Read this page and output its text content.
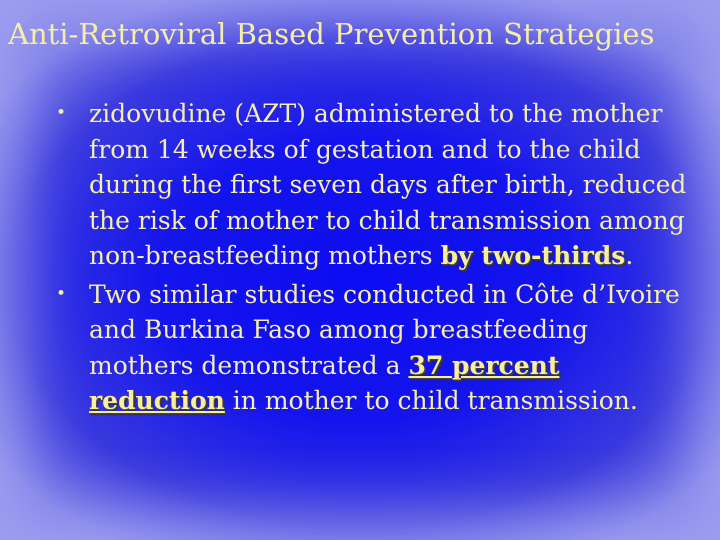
Anti-Retroviral Based Prevention Strategies
• zidovudine (AZT) administered to the mother from 14 weeks of gestation and to the child during the first seven days after birth, reduced the risk of mother to child transmission among non-breastfeeding mothers by two-thirds.
• Two similar studies conducted in Côte d’Ivoire and Burkina Faso among breastfeeding mothers demonstrated a 37 percent reduction in mother to child transmission.
